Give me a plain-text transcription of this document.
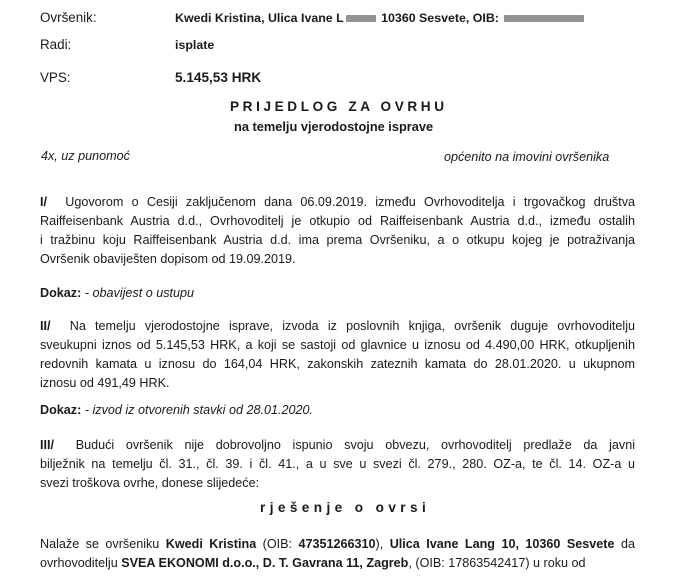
Ovršenik:	Kwedi Kristina, Ulica Ivane L	10360 Sesvete, OIB:
Radi:	isplate
VPS:	5.145,53 HRK
PRIJEDLOG ZA OVRHU
na temelju vjerodostojne isprave
4x, uz punomoć	općenito na imovini ovršenika
I/ Ugovorom o Cesiji zaključenom dana 06.09.2019. između Ovrhovoditelja i trgovačkog društva
Raiffeisenbank Austria d.d., Ovrhovoditelj je otkupio od Raiffeisenbank Austria d.d., između ostalih
i tražbinu koju Raiffeisenbank Austria d.d. ima prema Ovršeniku, a o otkupu kojeg je potraživanja
Ovršenik obaviješten dopisom od 19.09.2019.
Dokaz: - obavijest o ustupu
II/ Na temelju vjerodostojne isprave, izvoda iz poslovnih knjiga, ovršenik duguje ovrhovoditelju
sveukupni iznos od 5.145,53 HRK, a koji se sastoji od glavnice u iznosu od 4.490,00 HRK, otkupljenih
redovnih kamata u iznosu do 164,04 HRK, zakonskih zateznih kamata do 28.01.2020. u ukupnom
iznosu od 491,49 HRK.
Dokaz: - izvod iz otvorenih stavki od 28.01.2020.
III/ Budući ovršenik nije dobrovoljno ispunio svoju obvezu, ovrhovoditelj predlaže da javni
bilježnik na temelju čl. 31., čl. 39. i čl. 41., a u sve u svezi čl. 279., 280. OZ-a, te čl. 14. OZ-a u
svezi troškova ovrhe, donese slijedeće:
rješenje o ovrsi
Nalaže se ovršeniku Kwedi Kristina (OIB: 47351266310), Ulica Ivane Lang 10, 10360 Sesvete da
ovrhovoditelju SVEA EKONOMI d.o.o., D. T. Gavrana 11, Zagreb, (OIB: 17863542417) u roku od
